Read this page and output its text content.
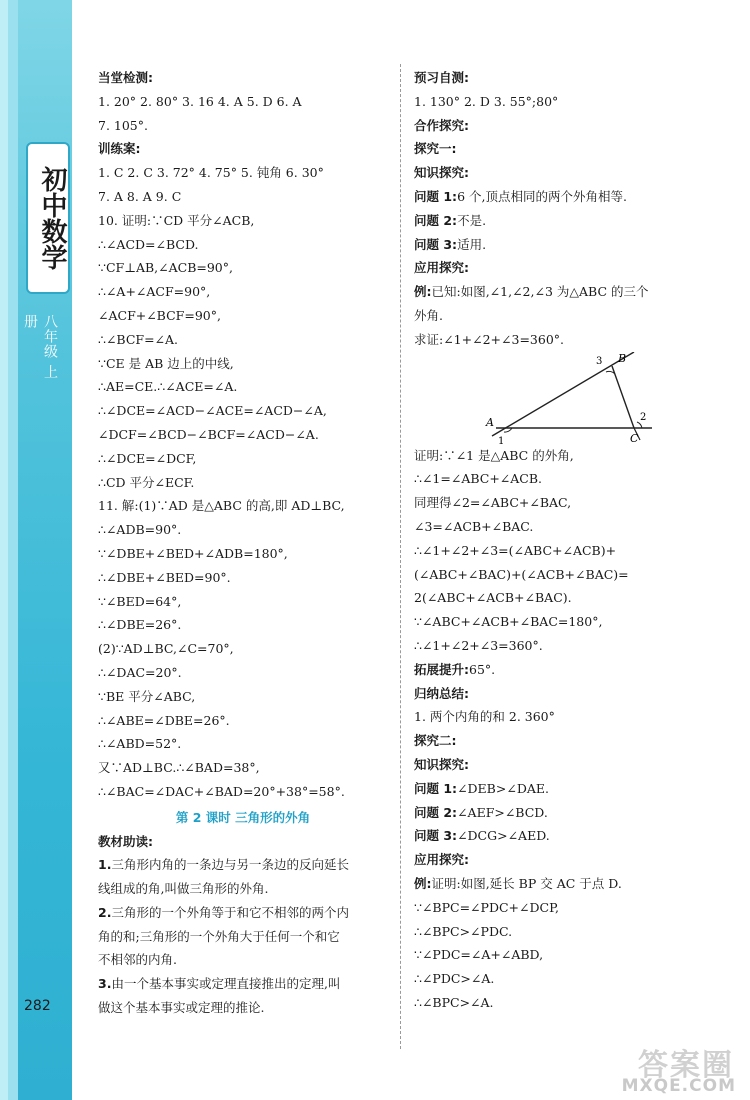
初中数学
八年级 上册
282
当堂检测:
1. 20° 2. 80° 3. 16 4. A 5. D 6. A
7. 105°.
训练案:
1. C 2. C 3. 72° 4. 75° 5. 钝角 6. 30°
7. A 8. A 9. C
10. 证明:∵CD 平分∠ACB,
∴∠ACD=∠BCD.
∵CF⊥AB,∠ACB=90°,
∴∠A+∠ACF=90°,
∠ACF+∠BCF=90°,
∴∠BCF=∠A.
∵CE 是 AB 边上的中线,
∴AE=CE.∴∠ACE=∠A.
∴∠DCE=∠ACD−∠ACE=∠ACD−∠A,
∠DCF=∠BCD−∠BCF=∠ACD−∠A.
∴∠DCE=∠DCF,
∴CD 平分∠ECF.
11. 解:(1)∵AD 是△ABC 的高,即 AD⊥BC,
∴∠ADB=90°.
∵∠DBE+∠BED+∠ADB=180°,
∴∠DBE+∠BED=90°.
∵∠BED=64°,
∴∠DBE=26°.
(2)∵AD⊥BC,∠C=70°,
∴∠DAC=20°.
∵BE 平分∠ABC,
∴∠ABE=∠DBE=26°.
∴∠ABD=52°.
又∵AD⊥BC.∴∠BAD=38°,
∴∠BAC=∠DAC+∠BAD=20°+38°=58°.
第 2 课时 三角形的外角
教材助读:
1.三角形内角的一条边与另一条边的反向延长
线组成的角,叫做三角形的外角.
2.三角形的一个外角等于和它不相邻的两个内
角的和;三角形的一个外角大于任何一个和它
不相邻的内角.
3.由一个基本事实或定理直接推出的定理,叫
做这个基本事实或定理的推论.
预习自测:
1. 130° 2. D 3. 55°;80°
合作探究:
探究一:
知识探究:
问题 1:6 个,顶点相同的两个外角相等.
问题 2:不是.
问题 3:适用.
应用探究:
例:已知:如图,∠1,∠2,∠3 为△ABC 的三个
外角.
求证:∠1+∠2+∠3=360°.
A
B
C
1
2
3
证明:∵∠1 是△ABC 的外角,
∴∠1=∠ABC+∠ACB.
同理得∠2=∠ABC+∠BAC,
∠3=∠ACB+∠BAC.
∴∠1+∠2+∠3=(∠ABC+∠ACB)+
(∠ABC+∠BAC)+(∠ACB+∠BAC)=
2(∠ABC+∠ACB+∠BAC).
∵∠ABC+∠ACB+∠BAC=180°,
∴∠1+∠2+∠3=360°.
拓展提升:65°.
归纳总结:
1. 两个内角的和 2. 360°
探究二:
知识探究:
问题 1:∠DEB>∠DAE.
问题 2:∠AEF>∠BCD.
问题 3:∠DCG>∠AED.
应用探究:
例:证明:如图,延长 BP 交 AC 于点 D.
∵∠BPC=∠PDC+∠DCP,
∴∠BPC>∠PDC.
∵∠PDC=∠A+∠ABD,
∴∠PDC>∠A.
∴∠BPC>∠A.
答案圈
MXQE.COM
